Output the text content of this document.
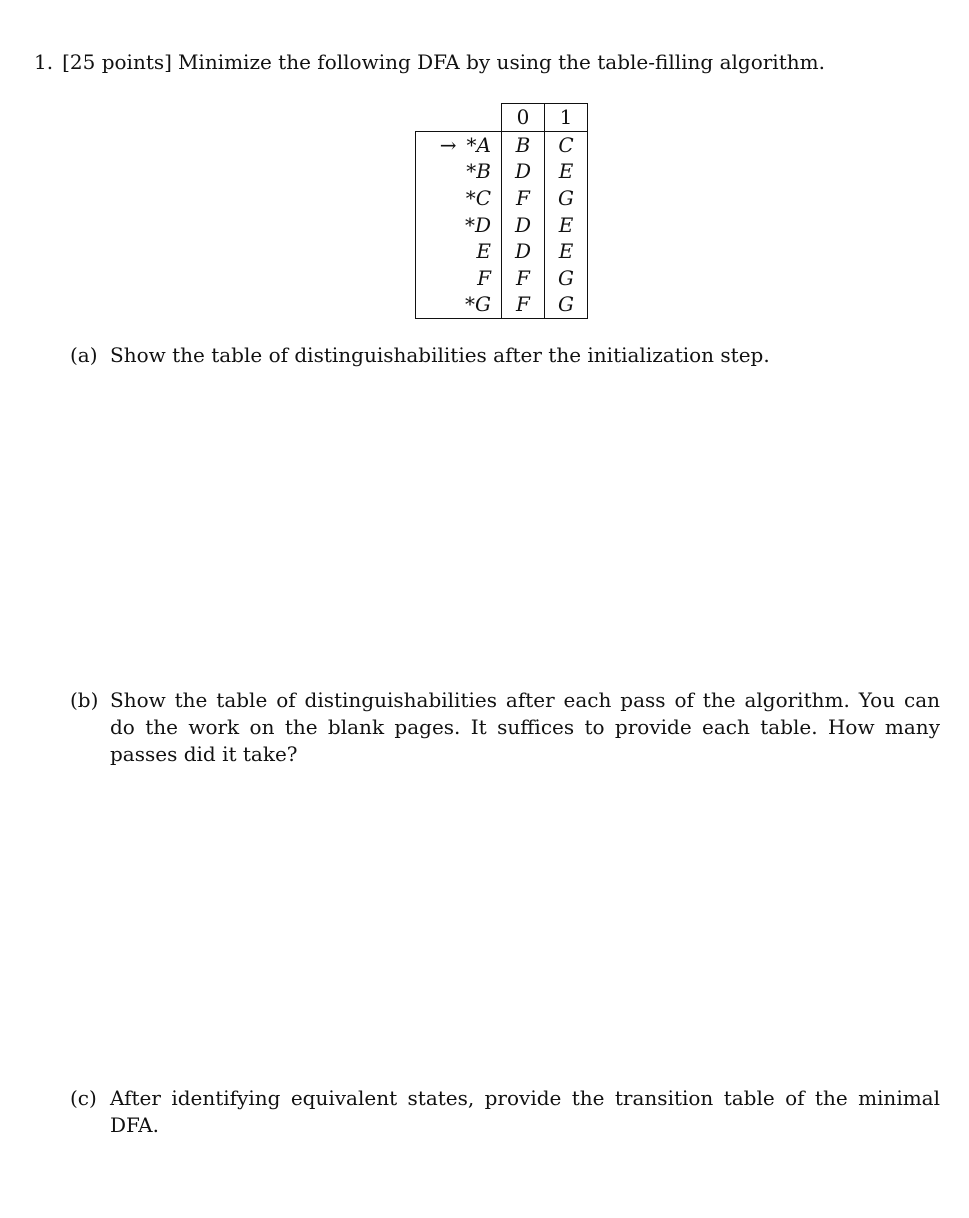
1. [25 points] Minimize the following DFA by using the table-filling algorithm.
	0	1
→ *A	B	C
*B	D	E
*C	F	G
*D	D	E
E	D	E
F	F	G
*G	F	G
(a) Show the table of distinguishabilities after the initialization step.
(b) Show the table of distinguishabilities after each pass of the algorithm. You can do the work on the blank pages. It suffices to provide each table. How many passes did it take?
(c) After identifying equivalent states, provide the transition table of the minimal DFA.
